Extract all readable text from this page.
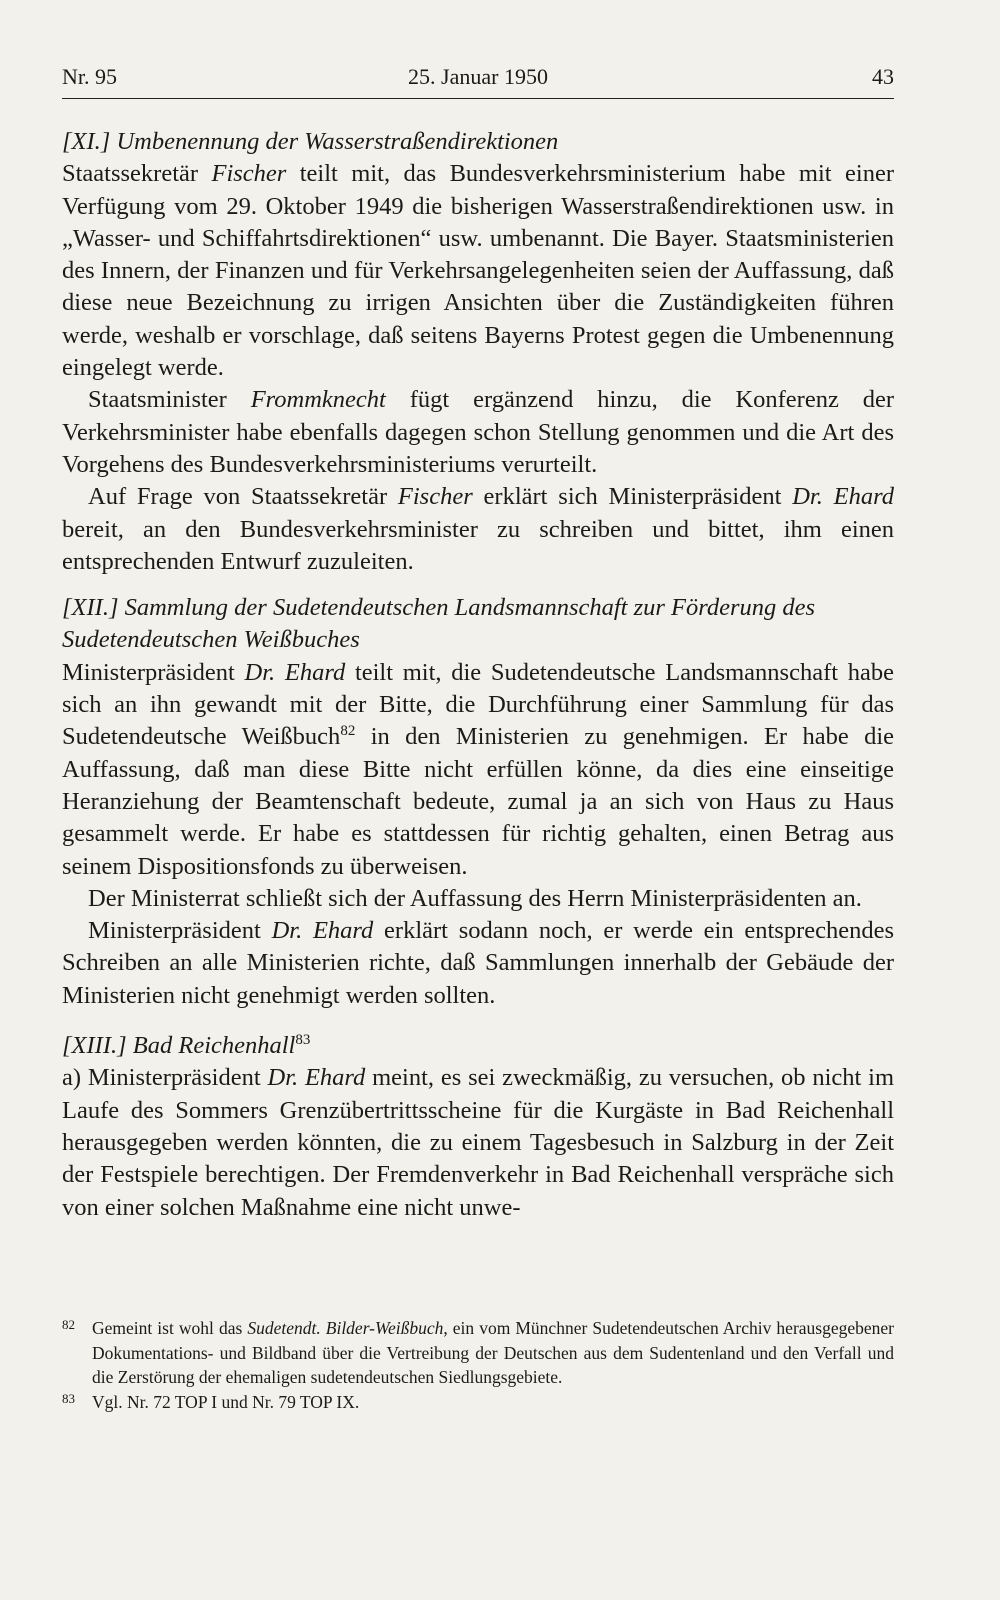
Nr. 95	25. Januar 1950	43

[XI.] Umbenennung der Wasserstraßendirektionen

Staatssekretär Fischer teilt mit, das Bundesverkehrsministerium habe mit einer Verfügung vom 29. Oktober 1949 die bisherigen Wasserstraßendirektionen usw. in „Wasser- und Schiffahrtsdirektionen“ usw. umbenannt. Die Bayer. Staatsministerien des Innern, der Finanzen und für Verkehrsangelegenheiten seien der Auffassung, daß diese neue Bezeichnung zu irrigen Ansichten über die Zuständigkeiten führen werde, weshalb er vorschlage, daß seitens Bayerns Protest gegen die Umbenennung eingelegt werde.

Staatsminister Frommknecht fügt ergänzend hinzu, die Konferenz der Verkehrsminister habe ebenfalls dagegen schon Stellung genommen und die Art des Vorgehens des Bundesverkehrsministeriums verurteilt.

Auf Frage von Staatssekretär Fischer erklärt sich Ministerpräsident Dr. Ehard bereit, an den Bundesverkehrsminister zu schreiben und bittet, ihm einen entsprechenden Entwurf zuzuleiten.

[XII.] Sammlung der Sudetendeutschen Landsmannschaft zur Förderung des Sudetendeutschen Weißbuches

Ministerpräsident Dr. Ehard teilt mit, die Sudetendeutsche Landsmannschaft habe sich an ihn gewandt mit der Bitte, die Durchführung einer Sammlung für das Sudetendeutsche Weißbuch$^{82}$ in den Ministerien zu genehmigen. Er habe die Auffassung, daß man diese Bitte nicht erfüllen könne, da dies eine einseitige Heranziehung der Beamtenschaft bedeute, zumal ja an sich von Haus zu Haus gesammelt werde. Er habe es stattdessen für richtig gehalten, einen Betrag aus seinem Dispositionsfonds zu überweisen.

Der Ministerrat schließt sich der Auffassung des Herrn Ministerpräsidenten an.

Ministerpräsident Dr. Ehard erklärt sodann noch, er werde ein entsprechendes Schreiben an alle Ministerien richte, daß Sammlungen innerhalb der Gebäude der Ministerien nicht genehmigt werden sollten.

[XIII.] Bad Reichenhall$^{83}$

a) Ministerpräsident Dr. Ehard meint, es sei zweckmäßig, zu versuchen, ob nicht im Laufe des Sommers Grenzübertrittsscheine für die Kurgäste in Bad Reichenhall herausgegeben werden könnten, die zu einem Tagesbesuch in Salzburg in der Zeit der Festspiele berechtigen. Der Fremdenverkehr in Bad Reichenhall verspräche sich von einer solchen Maßnahme eine nicht unwe-

82 Gemeint ist wohl das Sudetendt. Bilder-Weißbuch, ein vom Münchner Sudetendeutschen Archiv herausgegebener Dokumentations- und Bildband über die Vertreibung der Deutschen aus dem Sudentenland und den Verfall und die Zerstörung der ehemaligen sudetendeutschen Siedlungsgebiete.
83 Vgl. Nr. 72 TOP I und Nr. 79 TOP IX.
